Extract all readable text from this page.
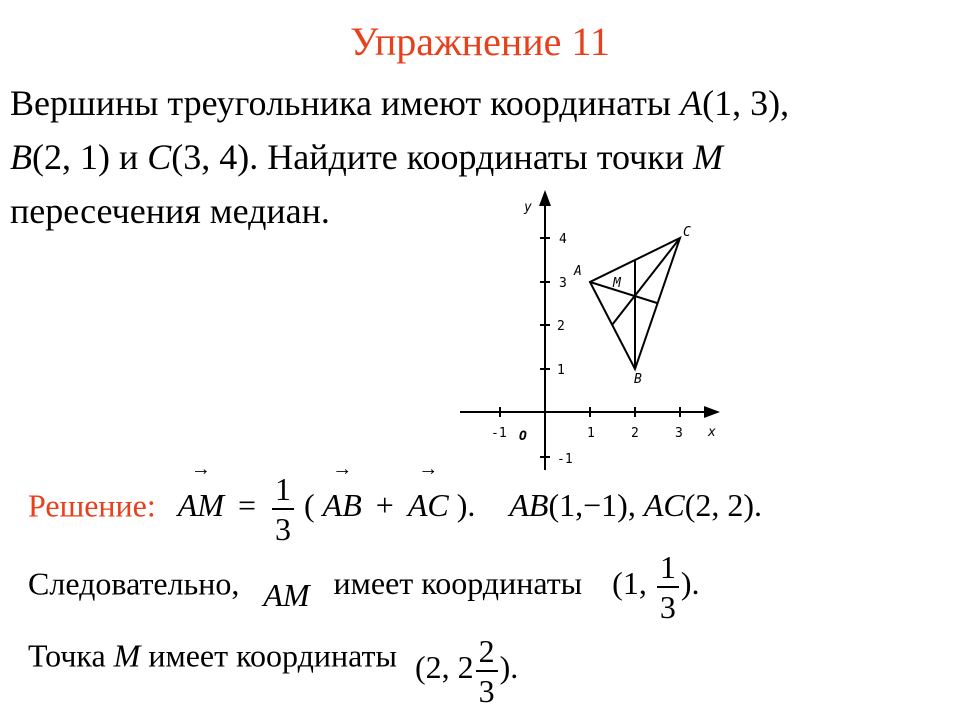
Упражнение 11
Вершины треугольника имеют координаты A(1, 3),
B(2, 1) и C(3, 4). Найдите координаты точки M
пересечения медиан.
-1	1	2	3
-1
1
2
3
4
O	x
y
A
B
C
M
Решение: → AM = $\frac{1}{3}$ ( → AB + → AC ). AB(1,−1), AC(2, 2).
Следовательно, AM имеет координаты (1, $\frac{1}{3}$ ).
Точка M имеет координаты (2, $2 \frac{2}{3}$ ).
